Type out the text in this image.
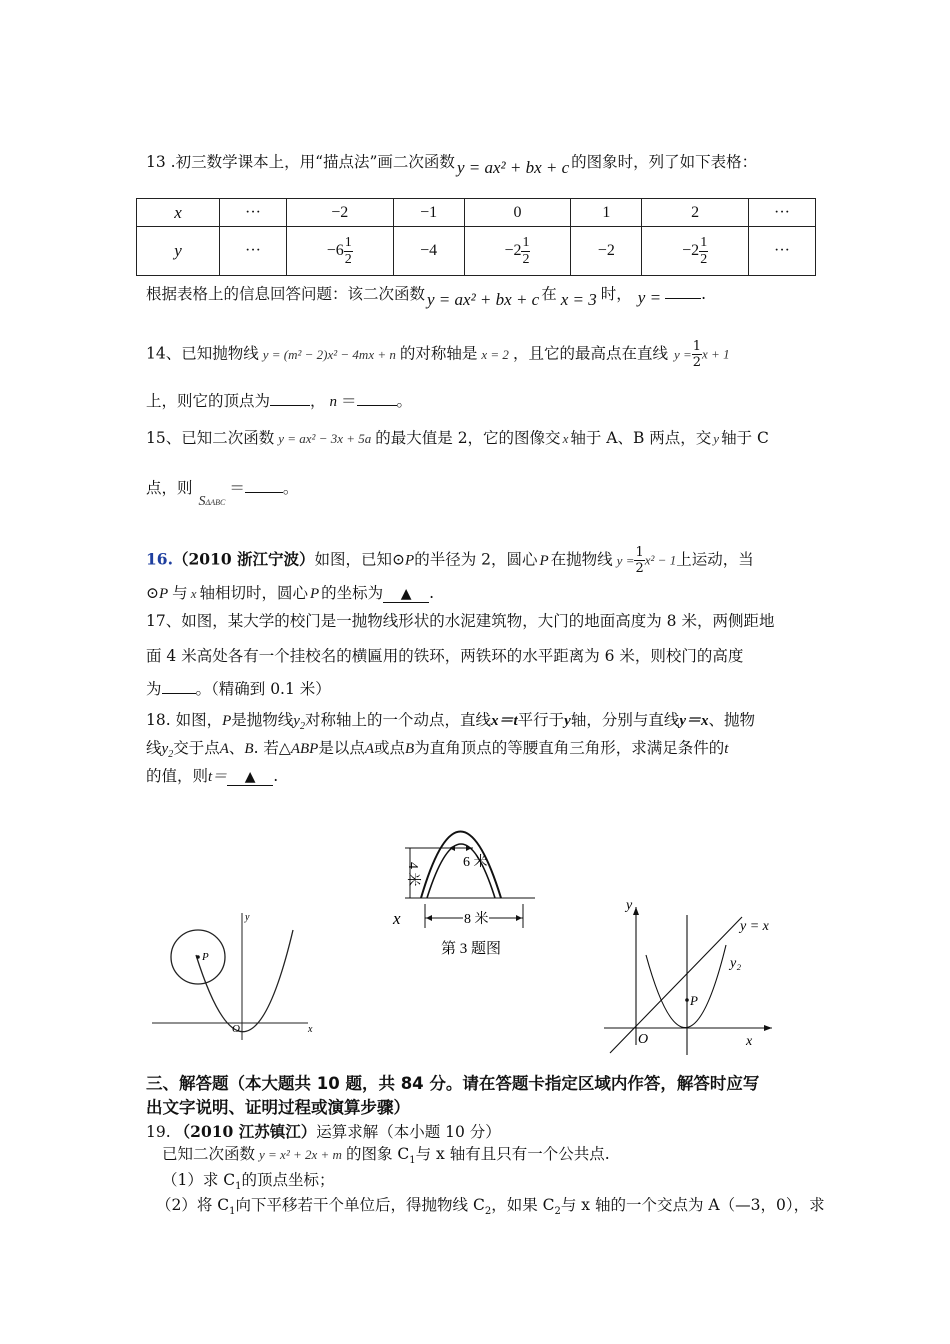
13 .初三数学课本上，用“描点法”画二次函数 y = ax² + bx + c 的图象时，列了如下表格：
x	···	−2	−1	0	1	2	···
y	···	$-6 \frac{1}{2}$	−4	$-2 \frac{1}{2}$	−2	$-2 \frac{1}{2}$	···
根据表格上的信息回答问题：该二次函数 y = ax² + bx + c 在 x = 3 时， y =	.
14、已知抛物线 y = (m² − 2)x² − 4mx + n 的对称轴是 x = 2 ，且它的最高点在直线 $y = \frac{1}{2}$ x + 1
上，则它的顶点为	， n ＝	。
15、已知二次函数 y = ax² − 3x + 5a 的最大值是 2，它的图像交 x 轴于 A、B 两点，交 y 轴于 C
点，则SΔABC＝ 。
16.（2010 浙江宁波）如图，已知⊙P的半径为 2，圆心 P 在抛物线 $y = \frac{1}{2} x^2 - 1$上运动，当
⊙P 与 x 轴相切时，圆心 P 的坐标为 ▲ .
17、如图，某大学的校门是一抛物线形状的水泥建筑物，大门的地面高度为 8 米，两侧距地
面 4 米高处各有一个挂校名的横匾用的铁环，两铁环的水平距离为 6 米，则校门的高度
为 。（精确到 0.1 米）
18. 如图，P是抛物线$y_2$对称轴上的一个动点，直线x＝t平行于y轴，分别与直线y＝x、抛物
线$y_2$交于点A、B. 若△ABP是以点A或点B为直角顶点的等腰直角三角形，求满足条件的t
的值，则t＝ ▲ .
6 米
8 米
4 米
x
第 3 题图
P
y
x
O
P
y
x
O
y = x
y₂
三、解答题（本大题共 10 题，共 84 分。请在答题卡指定区域内作答，解答时应写
出文字说明、证明过程或演算步骤）
19. （2010 江苏镇江）运算求解（本小题 10 分）
已知二次函数 y = x² + 2x + m 的图象 $C_1$与 x 轴有且只有一个公共点.
（1）求 $C_1$的顶点坐标；
（2）将 $C_1$向下平移若干个单位后，得抛物线 $C_2$，如果 $C_2$与 x 轴的一个交点为 A（—3，0），求
